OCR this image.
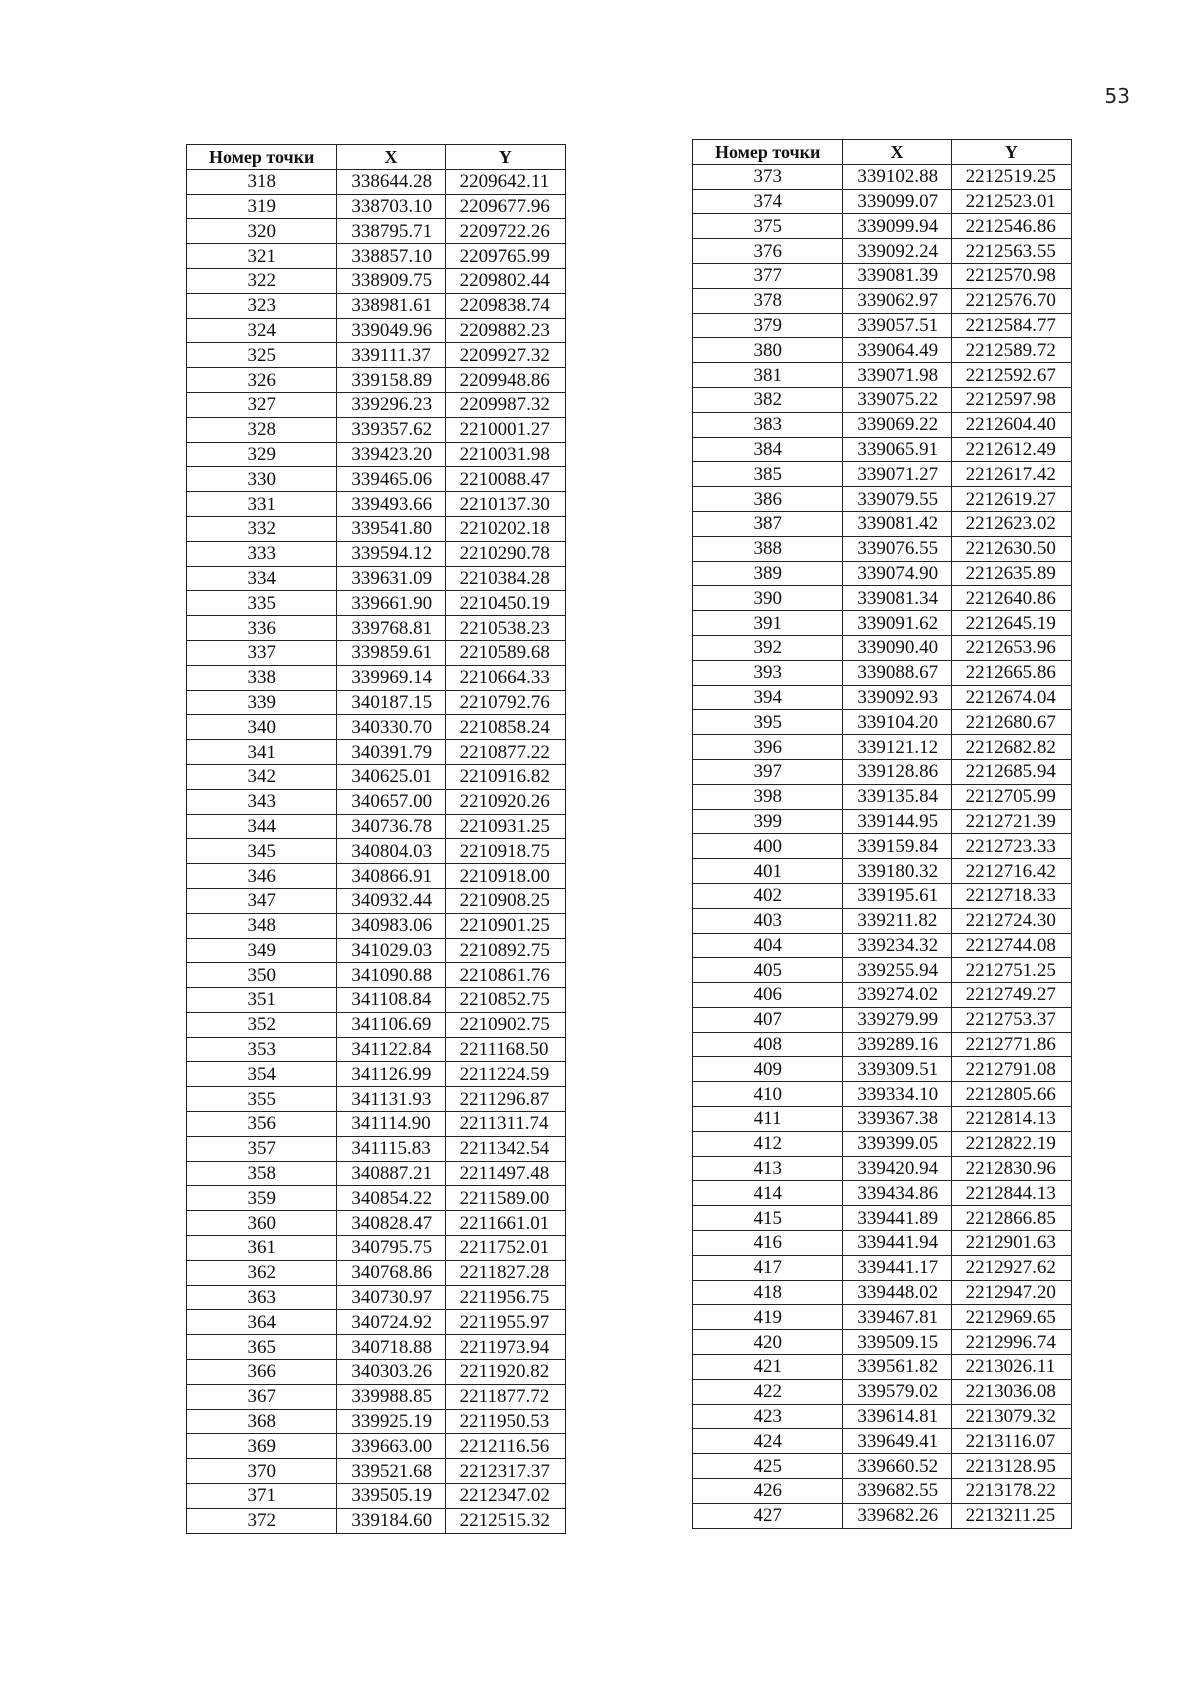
53
Номер точки	X	Y
318	338644.28	2209642.11
319	338703.10	2209677.96
320	338795.71	2209722.26
321	338857.10	2209765.99
322	338909.75	2209802.44
323	338981.61	2209838.74
324	339049.96	2209882.23
325	339111.37	2209927.32
326	339158.89	2209948.86
327	339296.23	2209987.32
328	339357.62	2210001.27
329	339423.20	2210031.98
330	339465.06	2210088.47
331	339493.66	2210137.30
332	339541.80	2210202.18
333	339594.12	2210290.78
334	339631.09	2210384.28
335	339661.90	2210450.19
336	339768.81	2210538.23
337	339859.61	2210589.68
338	339969.14	2210664.33
339	340187.15	2210792.76
340	340330.70	2210858.24
341	340391.79	2210877.22
342	340625.01	2210916.82
343	340657.00	2210920.26
344	340736.78	2210931.25
345	340804.03	2210918.75
346	340866.91	2210918.00
347	340932.44	2210908.25
348	340983.06	2210901.25
349	341029.03	2210892.75
350	341090.88	2210861.76
351	341108.84	2210852.75
352	341106.69	2210902.75
353	341122.84	2211168.50
354	341126.99	2211224.59
355	341131.93	2211296.87
356	341114.90	2211311.74
357	341115.83	2211342.54
358	340887.21	2211497.48
359	340854.22	2211589.00
360	340828.47	2211661.01
361	340795.75	2211752.01
362	340768.86	2211827.28
363	340730.97	2211956.75
364	340724.92	2211955.97
365	340718.88	2211973.94
366	340303.26	2211920.82
367	339988.85	2211877.72
368	339925.19	2211950.53
369	339663.00	2212116.56
370	339521.68	2212317.37
371	339505.19	2212347.02
372	339184.60	2212515.32
Номер точки	X	Y
373	339102.88	2212519.25
374	339099.07	2212523.01
375	339099.94	2212546.86
376	339092.24	2212563.55
377	339081.39	2212570.98
378	339062.97	2212576.70
379	339057.51	2212584.77
380	339064.49	2212589.72
381	339071.98	2212592.67
382	339075.22	2212597.98
383	339069.22	2212604.40
384	339065.91	2212612.49
385	339071.27	2212617.42
386	339079.55	2212619.27
387	339081.42	2212623.02
388	339076.55	2212630.50
389	339074.90	2212635.89
390	339081.34	2212640.86
391	339091.62	2212645.19
392	339090.40	2212653.96
393	339088.67	2212665.86
394	339092.93	2212674.04
395	339104.20	2212680.67
396	339121.12	2212682.82
397	339128.86	2212685.94
398	339135.84	2212705.99
399	339144.95	2212721.39
400	339159.84	2212723.33
401	339180.32	2212716.42
402	339195.61	2212718.33
403	339211.82	2212724.30
404	339234.32	2212744.08
405	339255.94	2212751.25
406	339274.02	2212749.27
407	339279.99	2212753.37
408	339289.16	2212771.86
409	339309.51	2212791.08
410	339334.10	2212805.66
411	339367.38	2212814.13
412	339399.05	2212822.19
413	339420.94	2212830.96
414	339434.86	2212844.13
415	339441.89	2212866.85
416	339441.94	2212901.63
417	339441.17	2212927.62
418	339448.02	2212947.20
419	339467.81	2212969.65
420	339509.15	2212996.74
421	339561.82	2213026.11
422	339579.02	2213036.08
423	339614.81	2213079.32
424	339649.41	2213116.07
425	339660.52	2213128.95
426	339682.55	2213178.22
427	339682.26	2213211.25
